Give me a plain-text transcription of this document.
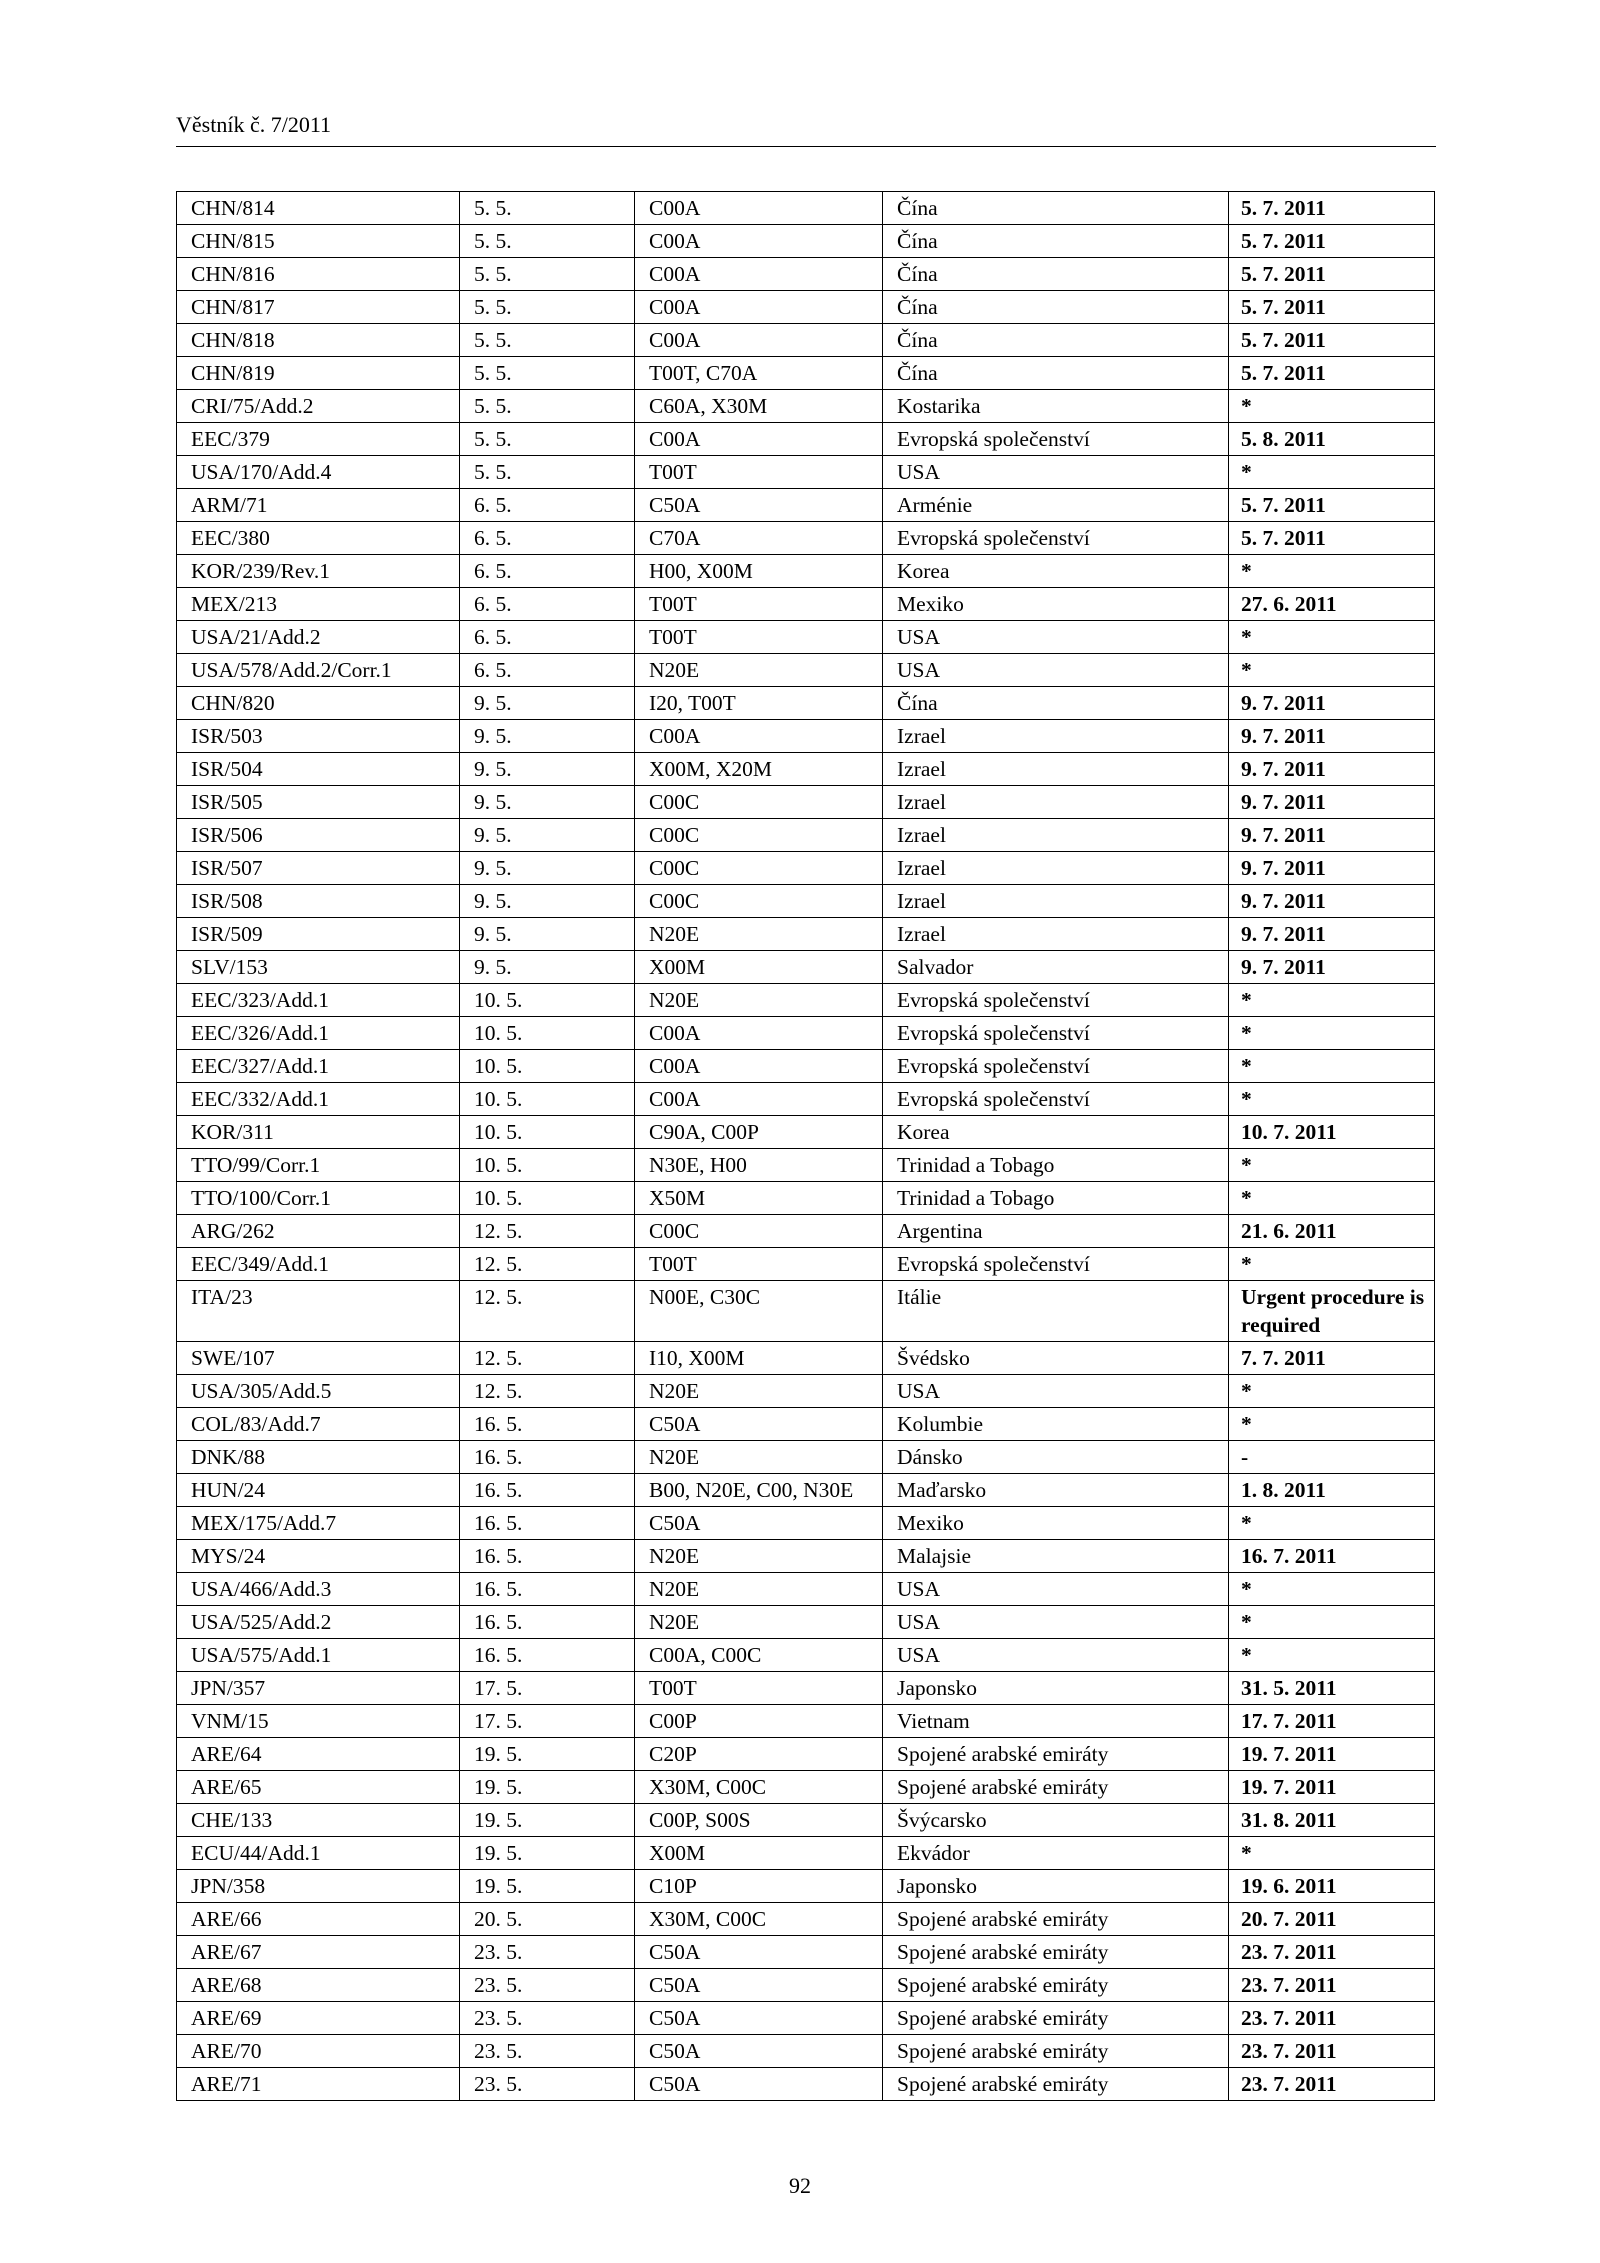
Věstník č. 7/2011
CHN/814	5. 5.	C00A	Čína	5. 7. 2011
CHN/815	5. 5.	C00A	Čína	5. 7. 2011
CHN/816	5. 5.	C00A	Čína	5. 7. 2011
CHN/817	5. 5.	C00A	Čína	5. 7. 2011
CHN/818	5. 5.	C00A	Čína	5. 7. 2011
CHN/819	5. 5.	T00T, C70A	Čína	5. 7. 2011
CRI/75/Add.2	5. 5.	C60A, X30M	Kostarika	*
EEC/379	5. 5.	C00A	Evropská společenství	5. 8. 2011
USA/170/Add.4	5. 5.	T00T	USA	*
ARM/71	6. 5.	C50A	Arménie	5. 7. 2011
EEC/380	6. 5.	C70A	Evropská společenství	5. 7. 2011
KOR/239/Rev.1	6. 5.	H00, X00M	Korea	*
MEX/213	6. 5.	T00T	Mexiko	27. 6. 2011
USA/21/Add.2	6. 5.	T00T	USA	*
USA/578/Add.2/Corr.1	6. 5.	N20E	USA	*
CHN/820	9. 5.	I20, T00T	Čína	9. 7. 2011
ISR/503	9. 5.	C00A	Izrael	9. 7. 2011
ISR/504	9. 5.	X00M, X20M	Izrael	9. 7. 2011
ISR/505	9. 5.	C00C	Izrael	9. 7. 2011
ISR/506	9. 5.	C00C	Izrael	9. 7. 2011
ISR/507	9. 5.	C00C	Izrael	9. 7. 2011
ISR/508	9. 5.	C00C	Izrael	9. 7. 2011
ISR/509	9. 5.	N20E	Izrael	9. 7. 2011
SLV/153	9. 5.	X00M	Salvador	9. 7. 2011
EEC/323/Add.1	10. 5.	N20E	Evropská společenství	*
EEC/326/Add.1	10. 5.	C00A	Evropská společenství	*
EEC/327/Add.1	10. 5.	C00A	Evropská společenství	*
EEC/332/Add.1	10. 5.	C00A	Evropská společenství	*
KOR/311	10. 5.	C90A, C00P	Korea	10. 7. 2011
TTO/99/Corr.1	10. 5.	N30E, H00	Trinidad a Tobago	*
TTO/100/Corr.1	10. 5.	X50M	Trinidad a Tobago	*
ARG/262	12. 5.	C00C	Argentina	21. 6. 2011
EEC/349/Add.1	12. 5.	T00T	Evropská společenství	*
ITA/23	12. 5.	N00E, C30C	Itálie	Urgent procedure is required
SWE/107	12. 5.	I10, X00M	Švédsko	7. 7. 2011
USA/305/Add.5	12. 5.	N20E	USA	*
COL/83/Add.7	16. 5.	C50A	Kolumbie	*
DNK/88	16. 5.	N20E	Dánsko	-
HUN/24	16. 5.	B00, N20E, C00, N30E	Maďarsko	1. 8. 2011
MEX/175/Add.7	16. 5.	C50A	Mexiko	*
MYS/24	16. 5.	N20E	Malajsie	16. 7. 2011
USA/466/Add.3	16. 5.	N20E	USA	*
USA/525/Add.2	16. 5.	N20E	USA	*
USA/575/Add.1	16. 5.	C00A, C00C	USA	*
JPN/357	17. 5.	T00T	Japonsko	31. 5. 2011
VNM/15	17. 5.	C00P	Vietnam	17. 7. 2011
ARE/64	19. 5.	C20P	Spojené arabské emiráty	19. 7. 2011
ARE/65	19. 5.	X30M, C00C	Spojené arabské emiráty	19. 7. 2011
CHE/133	19. 5.	C00P, S00S	Švýcarsko	31. 8. 2011
ECU/44/Add.1	19. 5.	X00M	Ekvádor	*
JPN/358	19. 5.	C10P	Japonsko	19. 6. 2011
ARE/66	20. 5.	X30M, C00C	Spojené arabské emiráty	20. 7. 2011
ARE/67	23. 5.	C50A	Spojené arabské emiráty	23. 7. 2011
ARE/68	23. 5.	C50A	Spojené arabské emiráty	23. 7. 2011
ARE/69	23. 5.	C50A	Spojené arabské emiráty	23. 7. 2011
ARE/70	23. 5.	C50A	Spojené arabské emiráty	23. 7. 2011
ARE/71	23. 5.	C50A	Spojené arabské emiráty	23. 7. 2011
92
